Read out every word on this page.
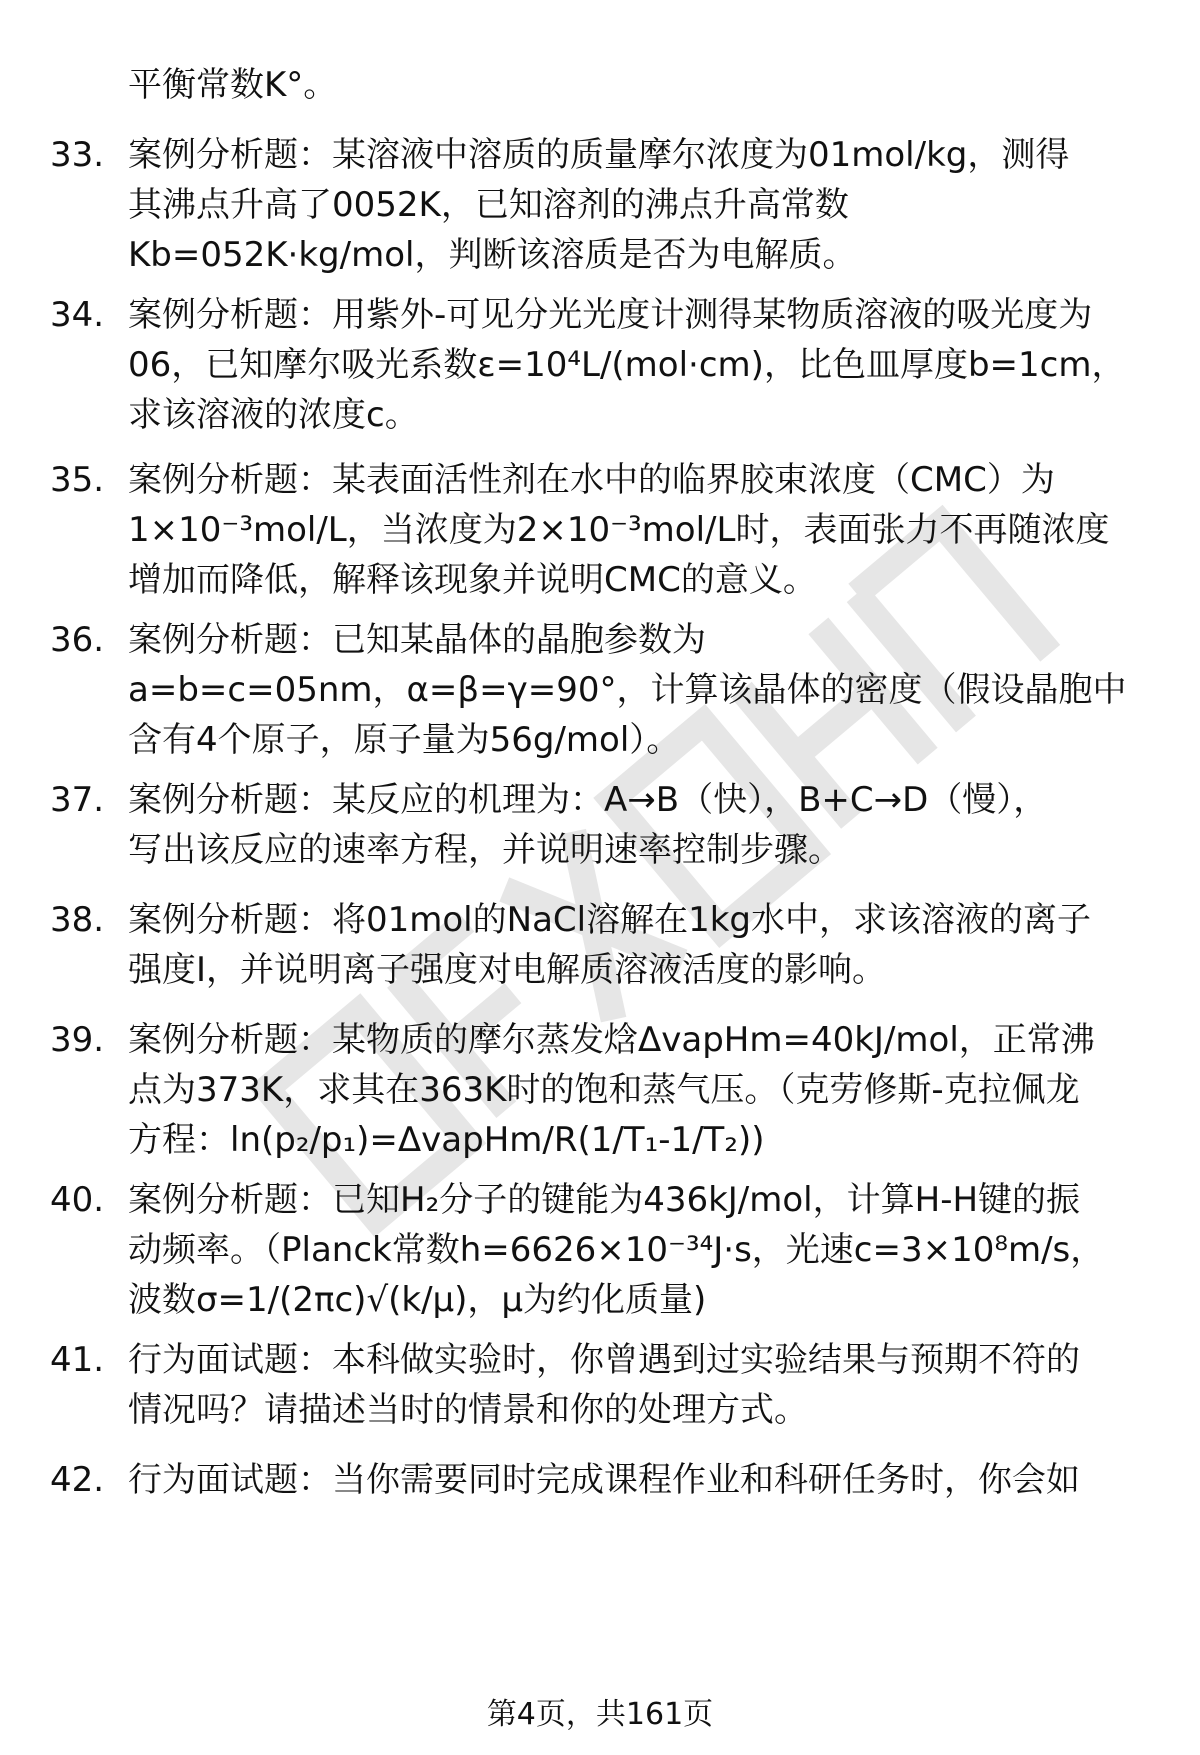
平衡常数K°。
33. 案例分析题：某溶液中溶质的质量摩尔浓度为01mol/kg，测得
其沸点升高了0052K，已知溶剂的沸点升高常数
Kb=052K·kg/mol，判断该溶质是否为电解质。
34. 案例分析题：用紫外-可见分光光度计测得某物质溶液的吸光度为
06，已知摩尔吸光系数ε=10⁴L/(mol·cm)，比色皿厚度b=1cm，
求该溶液的浓度c。
35. 案例分析题：某表面活性剂在水中的临界胶束浓度（CMC）为
1×10⁻³mol/L，当浓度为2×10⁻³mol/L时，表面张力不再随浓度
增加而降低，解释该现象并说明CMC的意义。
36. 案例分析题：已知某晶体的晶胞参数为
a=b=c=05nm，α=β=γ=90°，计算该晶体的密度（假设晶胞中
含有4个原子，原子量为56g/mol）。
37. 案例分析题：某反应的机理为：A→B（快），B+C→D（慢），
写出该反应的速率方程，并说明速率控制步骤。
38. 案例分析题：将01mol的NaCl溶解在1kg水中，求该溶液的离子
强度I，并说明离子强度对电解质溶液活度的影响。
39. 案例分析题：某物质的摩尔蒸发焓ΔvapHm=40kJ/mol，正常沸
点为373K，求其在363K时的饱和蒸气压。（克劳修斯-克拉佩龙
方程：ln(p₂/p₁)=ΔvapHm/R(1/T₁-1/T₂))
40. 案例分析题：已知H₂分子的键能为436kJ/mol，计算H-H键的振
动频率。（Planck常数h=6626×10⁻³⁴J·s，光速c=3×10⁸m/s，
波数σ=1/(2πc)√(k/μ)，μ为约化质量)
41. 行为面试题：本科做实验时，你曾遇到过实验结果与预期不符的
情况吗？请描述当时的情景和你的处理方式。
42. 行为面试题：当你需要同时完成课程作业和科研任务时，你会如
第4页，共161页
